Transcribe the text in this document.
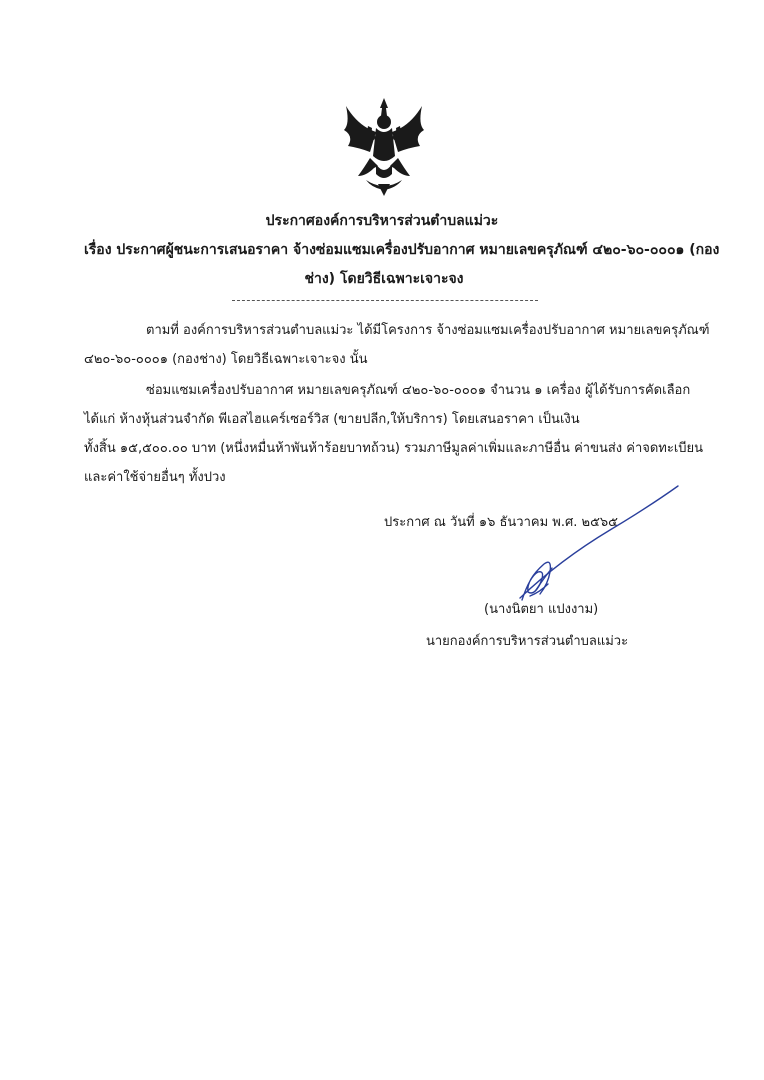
ประกาศองค์การบริหารส่วนตำบลแม่วะ
เรื่อง ประกาศผู้ชนะการเสนอราคา จ้างซ่อมแซมเครื่องปรับอากาศ หมายเลขครุภัณฑ์ ๔๒๐-๖๐-๐๐๐๑ (กอง
ช่าง) โดยวิธีเฉพาะเจาะจง
ตามที่ องค์การบริหารส่วนตำบลแม่วะ ได้มีโครงการ จ้างซ่อมแซมเครื่องปรับอากาศ หมายเลขครุภัณฑ์
๔๒๐-๖๐-๐๐๐๑ (กองช่าง) โดยวิธีเฉพาะเจาะจง นั้น
ซ่อมแซมเครื่องปรับอากาศ หมายเลขครุภัณฑ์ ๔๒๐-๖๐-๐๐๐๑ จำนวน ๑ เครื่อง ผู้ได้รับการคัดเลือก
ได้แก่ ห้างหุ้นส่วนจำกัด พีเอสไฮแคร์เซอร์วิส (ขายปลีก,ให้บริการ) โดยเสนอราคา เป็นเงิน
ทั้งสิ้น ๑๕,๕๐๐.๐๐ บาท (หนึ่งหมื่นห้าพันห้าร้อยบาทถ้วน) รวมภาษีมูลค่าเพิ่มและภาษีอื่น ค่าขนส่ง ค่าจดทะเบียน
และค่าใช้จ่ายอื่นๆ ทั้งปวง
ประกาศ ณ วันที่ ๑๖ ธันวาคม พ.ศ. ๒๕๖๕
(นางนิตยา แปงงาม)
นายกองค์การบริหารส่วนตำบลแม่วะ
